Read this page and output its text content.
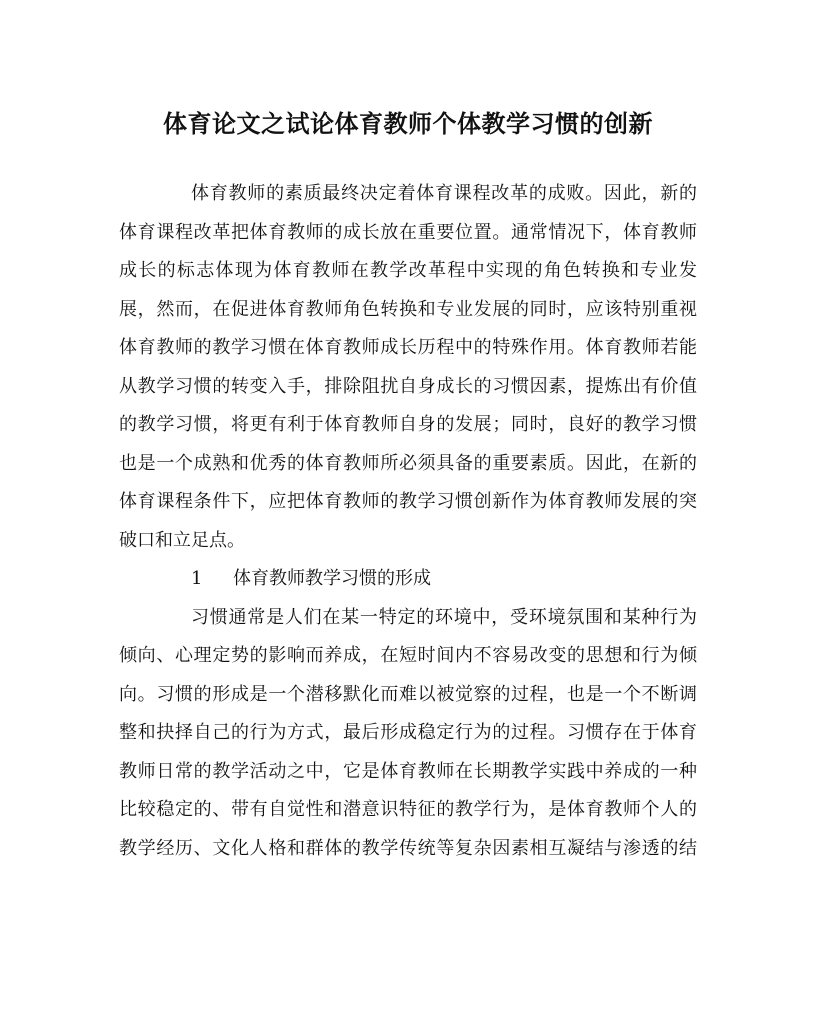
体育论文之试论体育教师个体教学习惯的创新
体育教师的素质最终决定着体育课程改革的成败。因此，新的
体育课程改革把体育教师的成长放在重要位置。通常情况下，体育教师
成长的标志体现为体育教师在教学改革程中实现的角色转换和专业发
展，然而，在促进体育教师角色转换和专业发展的同时，应该特别重视
体育教师的教学习惯在体育教师成长历程中的特殊作用。体育教师若能
从教学习惯的转变入手，排除阻扰自身成长的习惯因素，提炼出有价值
的教学习惯，将更有利于体育教师自身的发展；同时，良好的教学习惯
也是一个成熟和优秀的体育教师所必须具备的重要素质。因此，在新的
体育课程条件下，应把体育教师的教学习惯创新作为体育教师发展的突
破口和立足点。
1 体育教师教学习惯的形成
习惯通常是人们在某一特定的环境中，受环境氛围和某种行为
倾向、心理定势的影响而养成，在短时间内不容易改变的思想和行为倾
向。习惯的形成是一个潜移默化而难以被觉察的过程，也是一个不断调
整和抉择自己的行为方式，最后形成稳定行为的过程。习惯存在于体育
教师日常的教学活动之中，它是体育教师在长期教学实践中养成的一种
比较稳定的、带有自觉性和潜意识特征的教学行为，是体育教师个人的
教学经历、文化人格和群体的教学传统等复杂因素相互凝结与渗透的结
